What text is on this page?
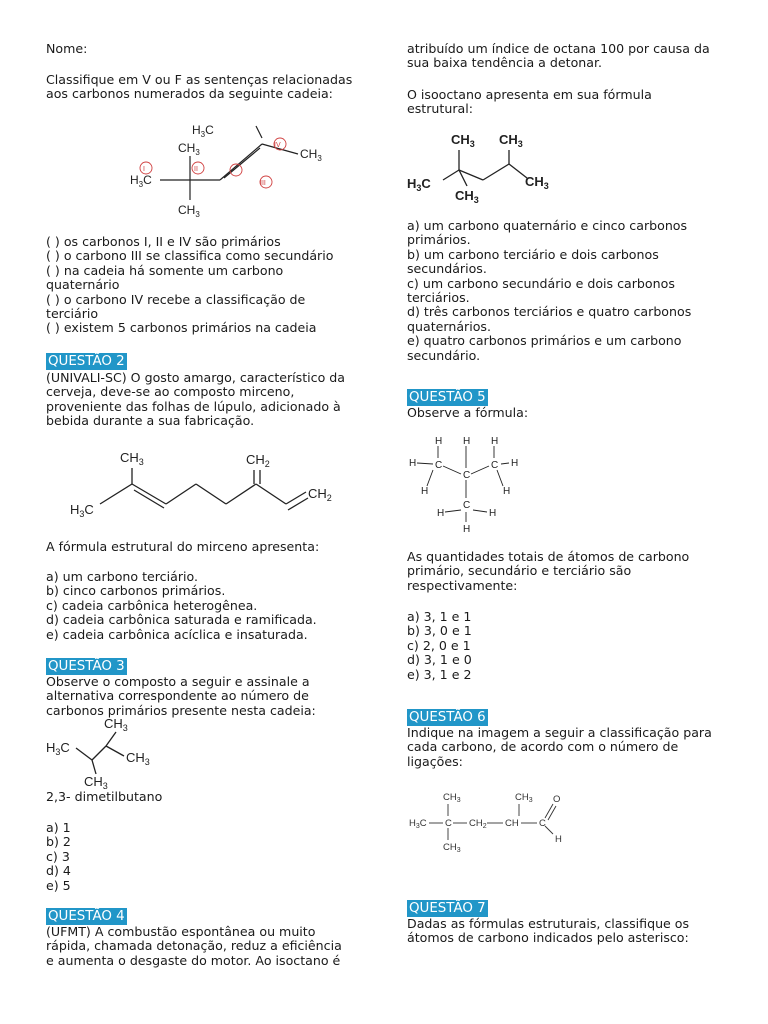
Nome:

Classifique em V ou F as sentenças relacionadas
aos carbonos numerados da seguinte cadeia:

$H_3C$
$CH_3$	$CH_3$
$H_3C$
$CH_3$
I	II
III
IV

( ) os carbonos I, II e IV são primários
( ) o carbono III se classifica como secundário
( ) na cadeia há somente um carbono
quaternário
( ) o carbono IV recebe a classificação de
terciário
( ) existem 5 carbonos primários na cadeia

QUESTÃO 2

(UNIVALI-SC) O gosto amargo, característico da
cerveja, deve-se ao composto mirceno,
proveniente das folhas de lúpulo, adicionado à
bebida durante a sua fabricação.

$CH_3$	$CH_2$
$CH_2$
$H_3C$

A fórmula estrutural do mirceno apresenta:

a) um carbono terciário.
b) cinco carbonos primários.
c) cadeia carbônica heterogênea.
d) cadeia carbônica saturada e ramificada.
e) cadeia carbônica acíclica e insaturada.

QUESTÃO 3

Observe o composto a seguir e assinale a
alternativa correspondente ao número de
carbonos primários presente nesta cadeia:

$CH_3$
$H_3C$
$CH_3$
$CH_3$

2,3- dimetilbutano

a) 1
b) 2
c) 3
d) 4
e) 5

QUESTÃO 4

(UFMT) A combustão espontânea ou muito
rápida, chamada detonação, reduz a eficiência
e aumenta o desgaste do motor. Ao isoctano é

atribuído um índice de octana 100 por causa da
sua baixa tendência a detonar.

O isooctano apresenta em sua fórmula
estrutural:

$CH_3$ $CH_3$
$H_3C$	$CH_3$
$CH_3$

a) um carbono quaternário e cinco carbonos
primários.
b) um carbono terciário e dois carbonos
secundários.
c) um carbono secundário e dois carbonos
terciários.
d) três carbonos terciários e quatro carbonos
quaternários.
e) quatro carbonos primários e um carbono
secundário.

QUESTÃO 5

Observe a fórmula:

H H H
H C
C
C H
H	H
C
H	H
H

As quantidades totais de átomos de carbono
primário, secundário e terciário são
respectivamente:

a) 3, 1 e 1
b) 3, 0 e 1
c) 2, 0 e 1
d) 3, 1 e 0
e) 3, 1 e 2

QUESTÃO 6

Indique na imagem a seguir a classificação para
cada carbono, de acordo com o número de
ligações:

$CH_3$
$H_3C$ C $CH_2$ CH
$CH_3$
C
O
H
$CH_3$
QUESTÃO 7

Dadas as fórmulas estruturais, classifique os
átomos de carbono indicados pelo asterisco:
